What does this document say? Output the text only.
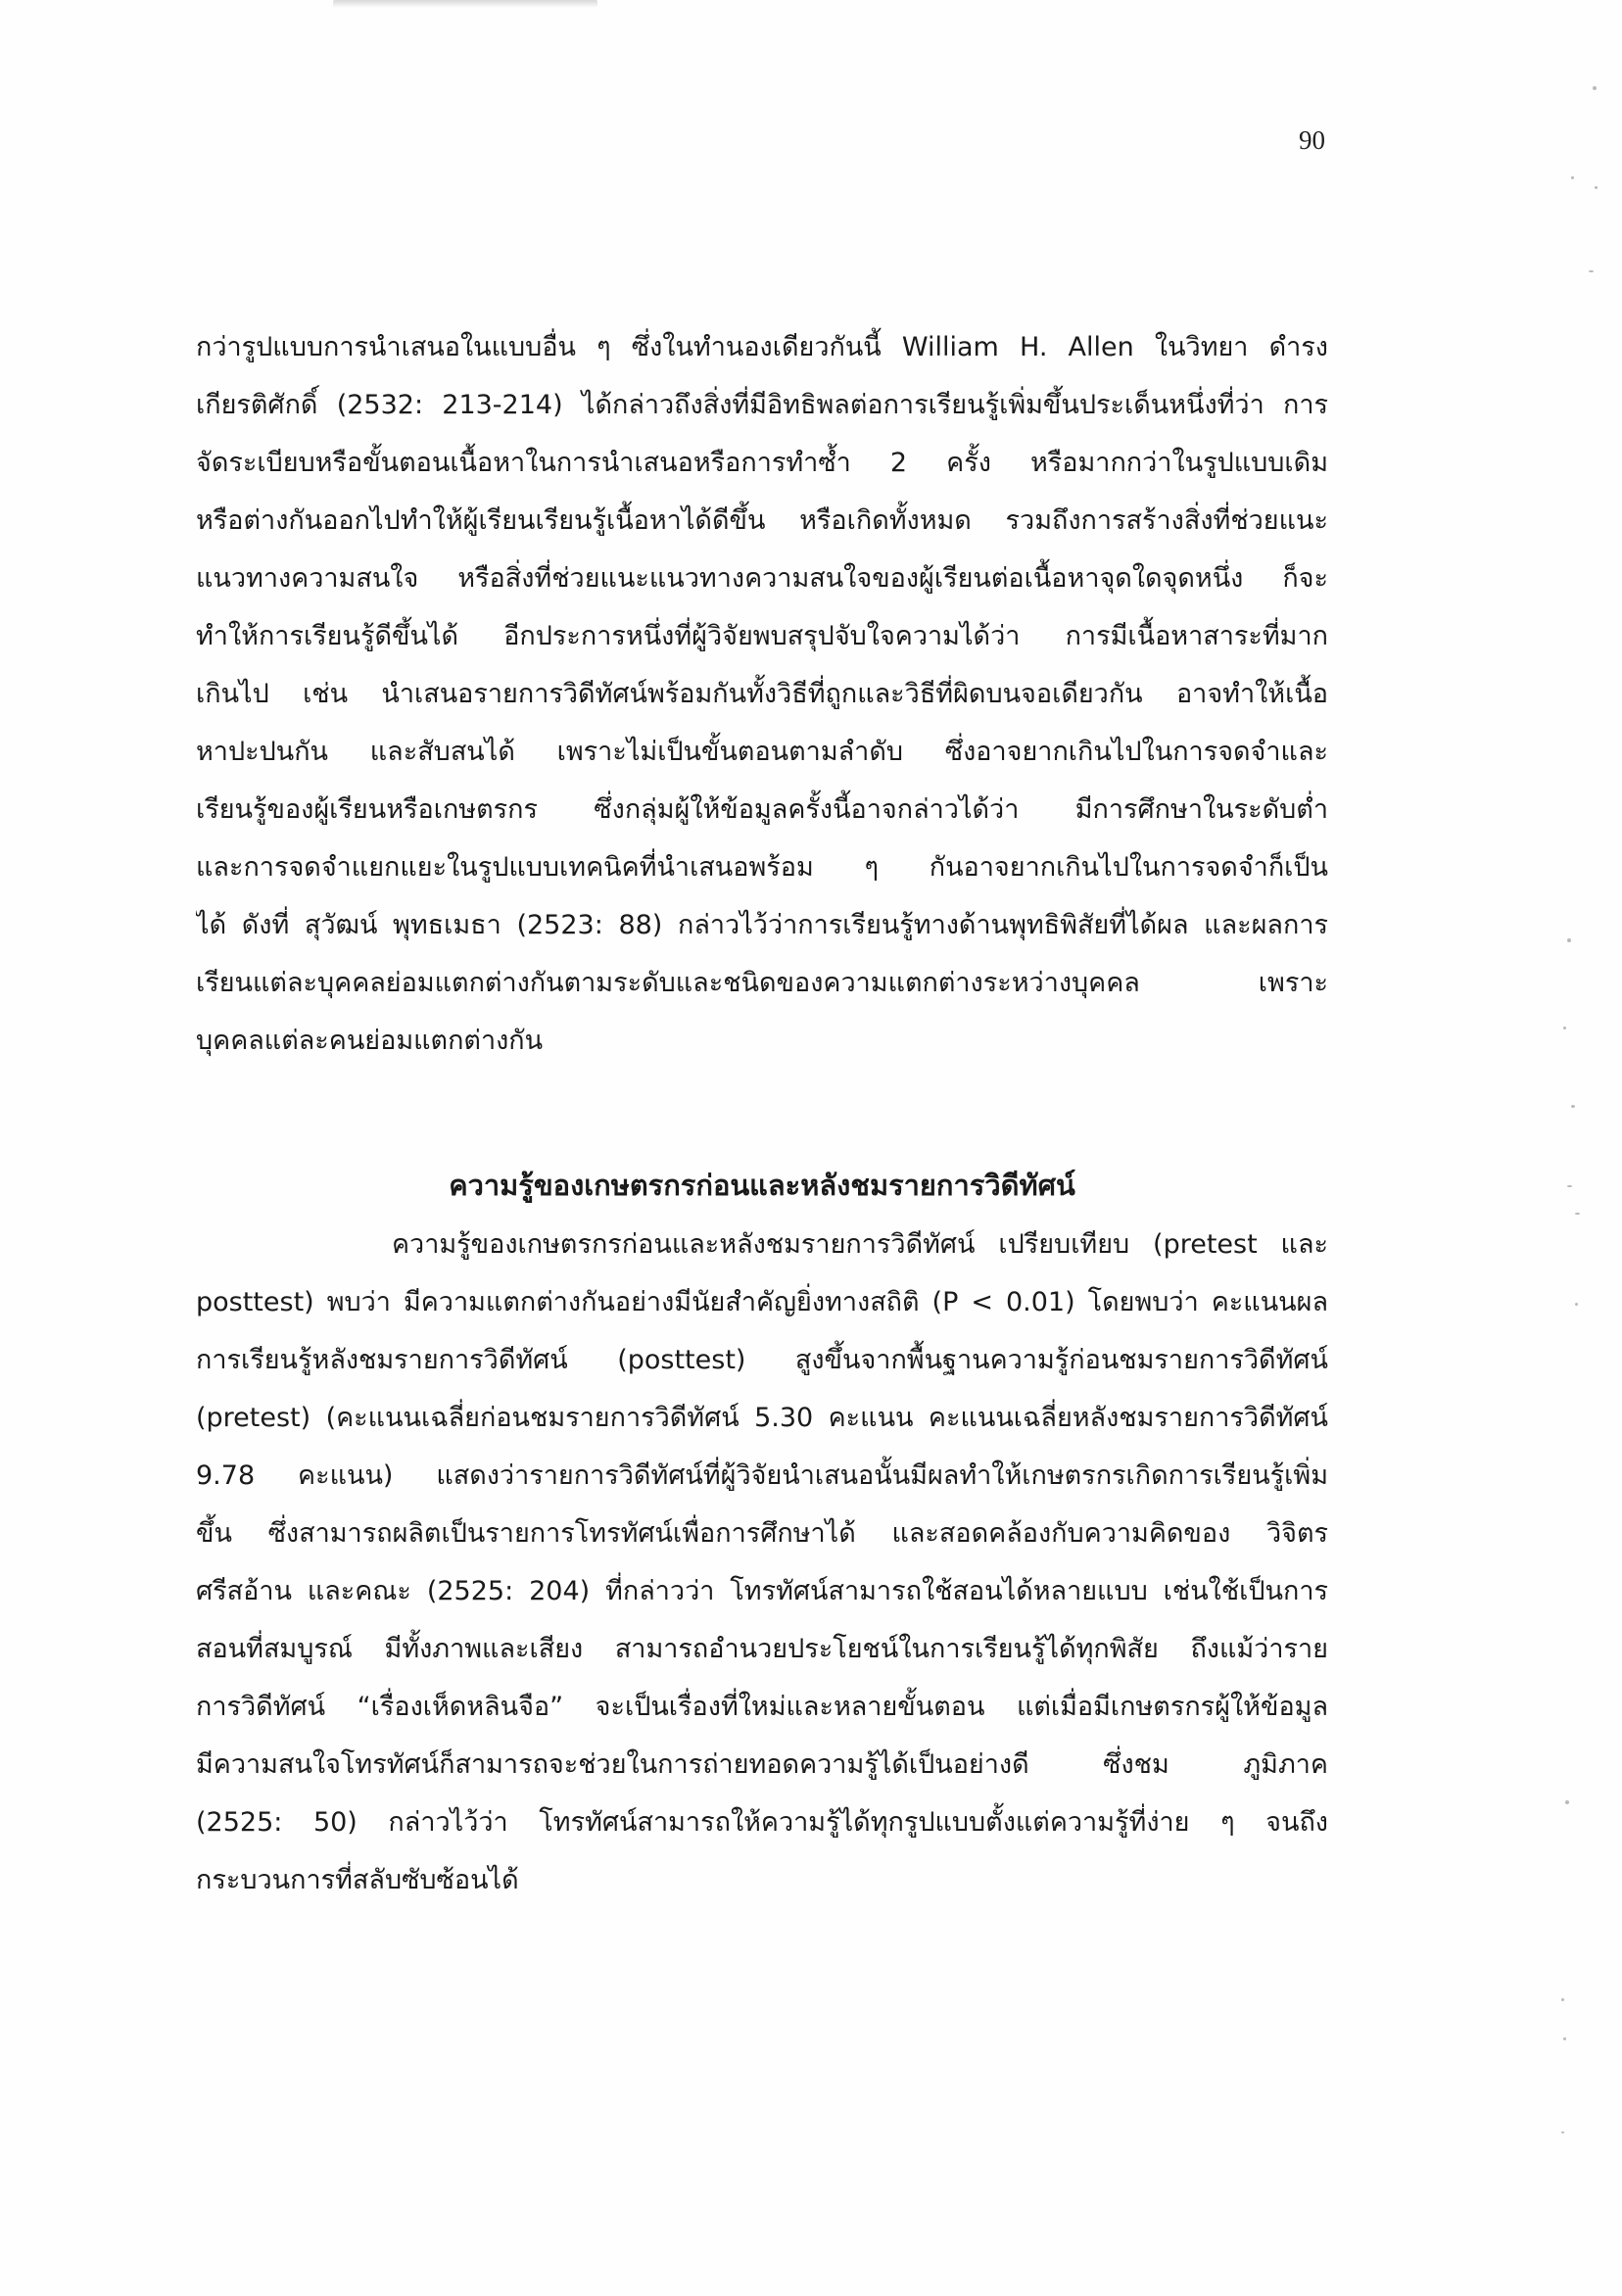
90
กว่ารูปแบบการนำเสนอในแบบอื่น ๆ ซึ่งในทำนองเดียวกันนี้ William H. Allen ในวิทยา ดำรง
เกียรติศักดิ์ (2532: 213-214) ได้กล่าวถึงสิ่งที่มีอิทธิพลต่อการเรียนรู้เพิ่มขึ้นประเด็นหนึ่งที่ว่า การ
จัดระเบียบหรือขั้นตอนเนื้อหาในการนำเสนอหรือการทำซ้ำ 2 ครั้ง หรือมากกว่าในรูปแบบเดิม
หรือต่างกันออกไปทำให้ผู้เรียนเรียนรู้เนื้อหาได้ดีขึ้น หรือเกิดทั้งหมด รวมถึงการสร้างสิ่งที่ช่วยแนะ
แนวทางความสนใจ หรือสิ่งที่ช่วยแนะแนวทางความสนใจของผู้เรียนต่อเนื้อหาจุดใดจุดหนึ่ง ก็จะ
ทำให้การเรียนรู้ดีขึ้นได้ อีกประการหนึ่งที่ผู้วิจัยพบสรุปจับใจความได้ว่า การมีเนื้อหาสาระที่มาก
เกินไป เช่น นำเสนอรายการวิดีทัศน์พร้อมกันทั้งวิธีที่ถูกและวิธีที่ผิดบนจอเดียวกัน อาจทำให้เนื้อ
หาปะปนกัน และสับสนได้ เพราะไม่เป็นขั้นตอนตามลำดับ ซึ่งอาจยากเกินไปในการจดจำและ
เรียนรู้ของผู้เรียนหรือเกษตรกร ซึ่งกลุ่มผู้ให้ข้อมูลครั้งนี้อาจกล่าวได้ว่า มีการศึกษาในระดับต่ำ
และการจดจำแยกแยะในรูปแบบเทคนิคที่นำเสนอพร้อม ๆ กันอาจยากเกินไปในการจดจำก็เป็น
ได้ ดังที่ สุวัฒน์ พุทธเมธา (2523: 88) กล่าวไว้ว่าการเรียนรู้ทางด้านพุทธิพิสัยที่ได้ผล และผลการ
เรียนแต่ละบุคคลย่อมแตกต่างกันตามระดับและชนิดของความแตกต่างระหว่างบุคคล เพราะ
บุคคลแต่ละคนย่อมแตกต่างกัน
ความรู้ของเกษตรกรก่อนและหลังชมรายการวิดีทัศน์
ความรู้ของเกษตรกรก่อนและหลังชมรายการวิดีทัศน์ เปรียบเทียบ (pretest และ
posttest) พบว่า มีความแตกต่างกันอย่างมีนัยสำคัญยิ่งทางสถิติ (P < 0.01) โดยพบว่า คะแนนผล
การเรียนรู้หลังชมรายการวิดีทัศน์ (posttest) สูงขึ้นจากพื้นฐานความรู้ก่อนชมรายการวิดีทัศน์
(pretest) (คะแนนเฉลี่ยก่อนชมรายการวิดีทัศน์ 5.30 คะแนน คะแนนเฉลี่ยหลังชมรายการวิดีทัศน์
9.78 คะแนน) แสดงว่ารายการวิดีทัศน์ที่ผู้วิจัยนำเสนอนั้นมีผลทำให้เกษตรกรเกิดการเรียนรู้เพิ่ม
ขึ้น ซึ่งสามารถผลิตเป็นรายการโทรทัศน์เพื่อการศึกษาได้ และสอดคล้องกับความคิดของ วิจิตร
ศรีสอ้าน และคณะ (2525: 204) ที่กล่าวว่า โทรทัศน์สามารถใช้สอนได้หลายแบบ เช่นใช้เป็นการ
สอนที่สมบูรณ์ มีทั้งภาพและเสียง สามารถอำนวยประโยชน์ในการเรียนรู้ได้ทุกพิสัย ถึงแม้ว่าราย
การวิดีทัศน์ “เรื่องเห็ดหลินจือ” จะเป็นเรื่องที่ใหม่และหลายขั้นตอน แต่เมื่อมีเกษตรกรผู้ให้ข้อมูล
มีความสนใจโทรทัศน์ก็สามารถจะช่วยในการถ่ายทอดความรู้ได้เป็นอย่างดี ซึ่งชม ภูมิภาค
(2525: 50) กล่าวไว้ว่า โทรทัศน์สามารถให้ความรู้ได้ทุกรูปแบบตั้งแต่ความรู้ที่ง่าย ๆ จนถึง
กระบวนการที่สลับซับซ้อนได้
